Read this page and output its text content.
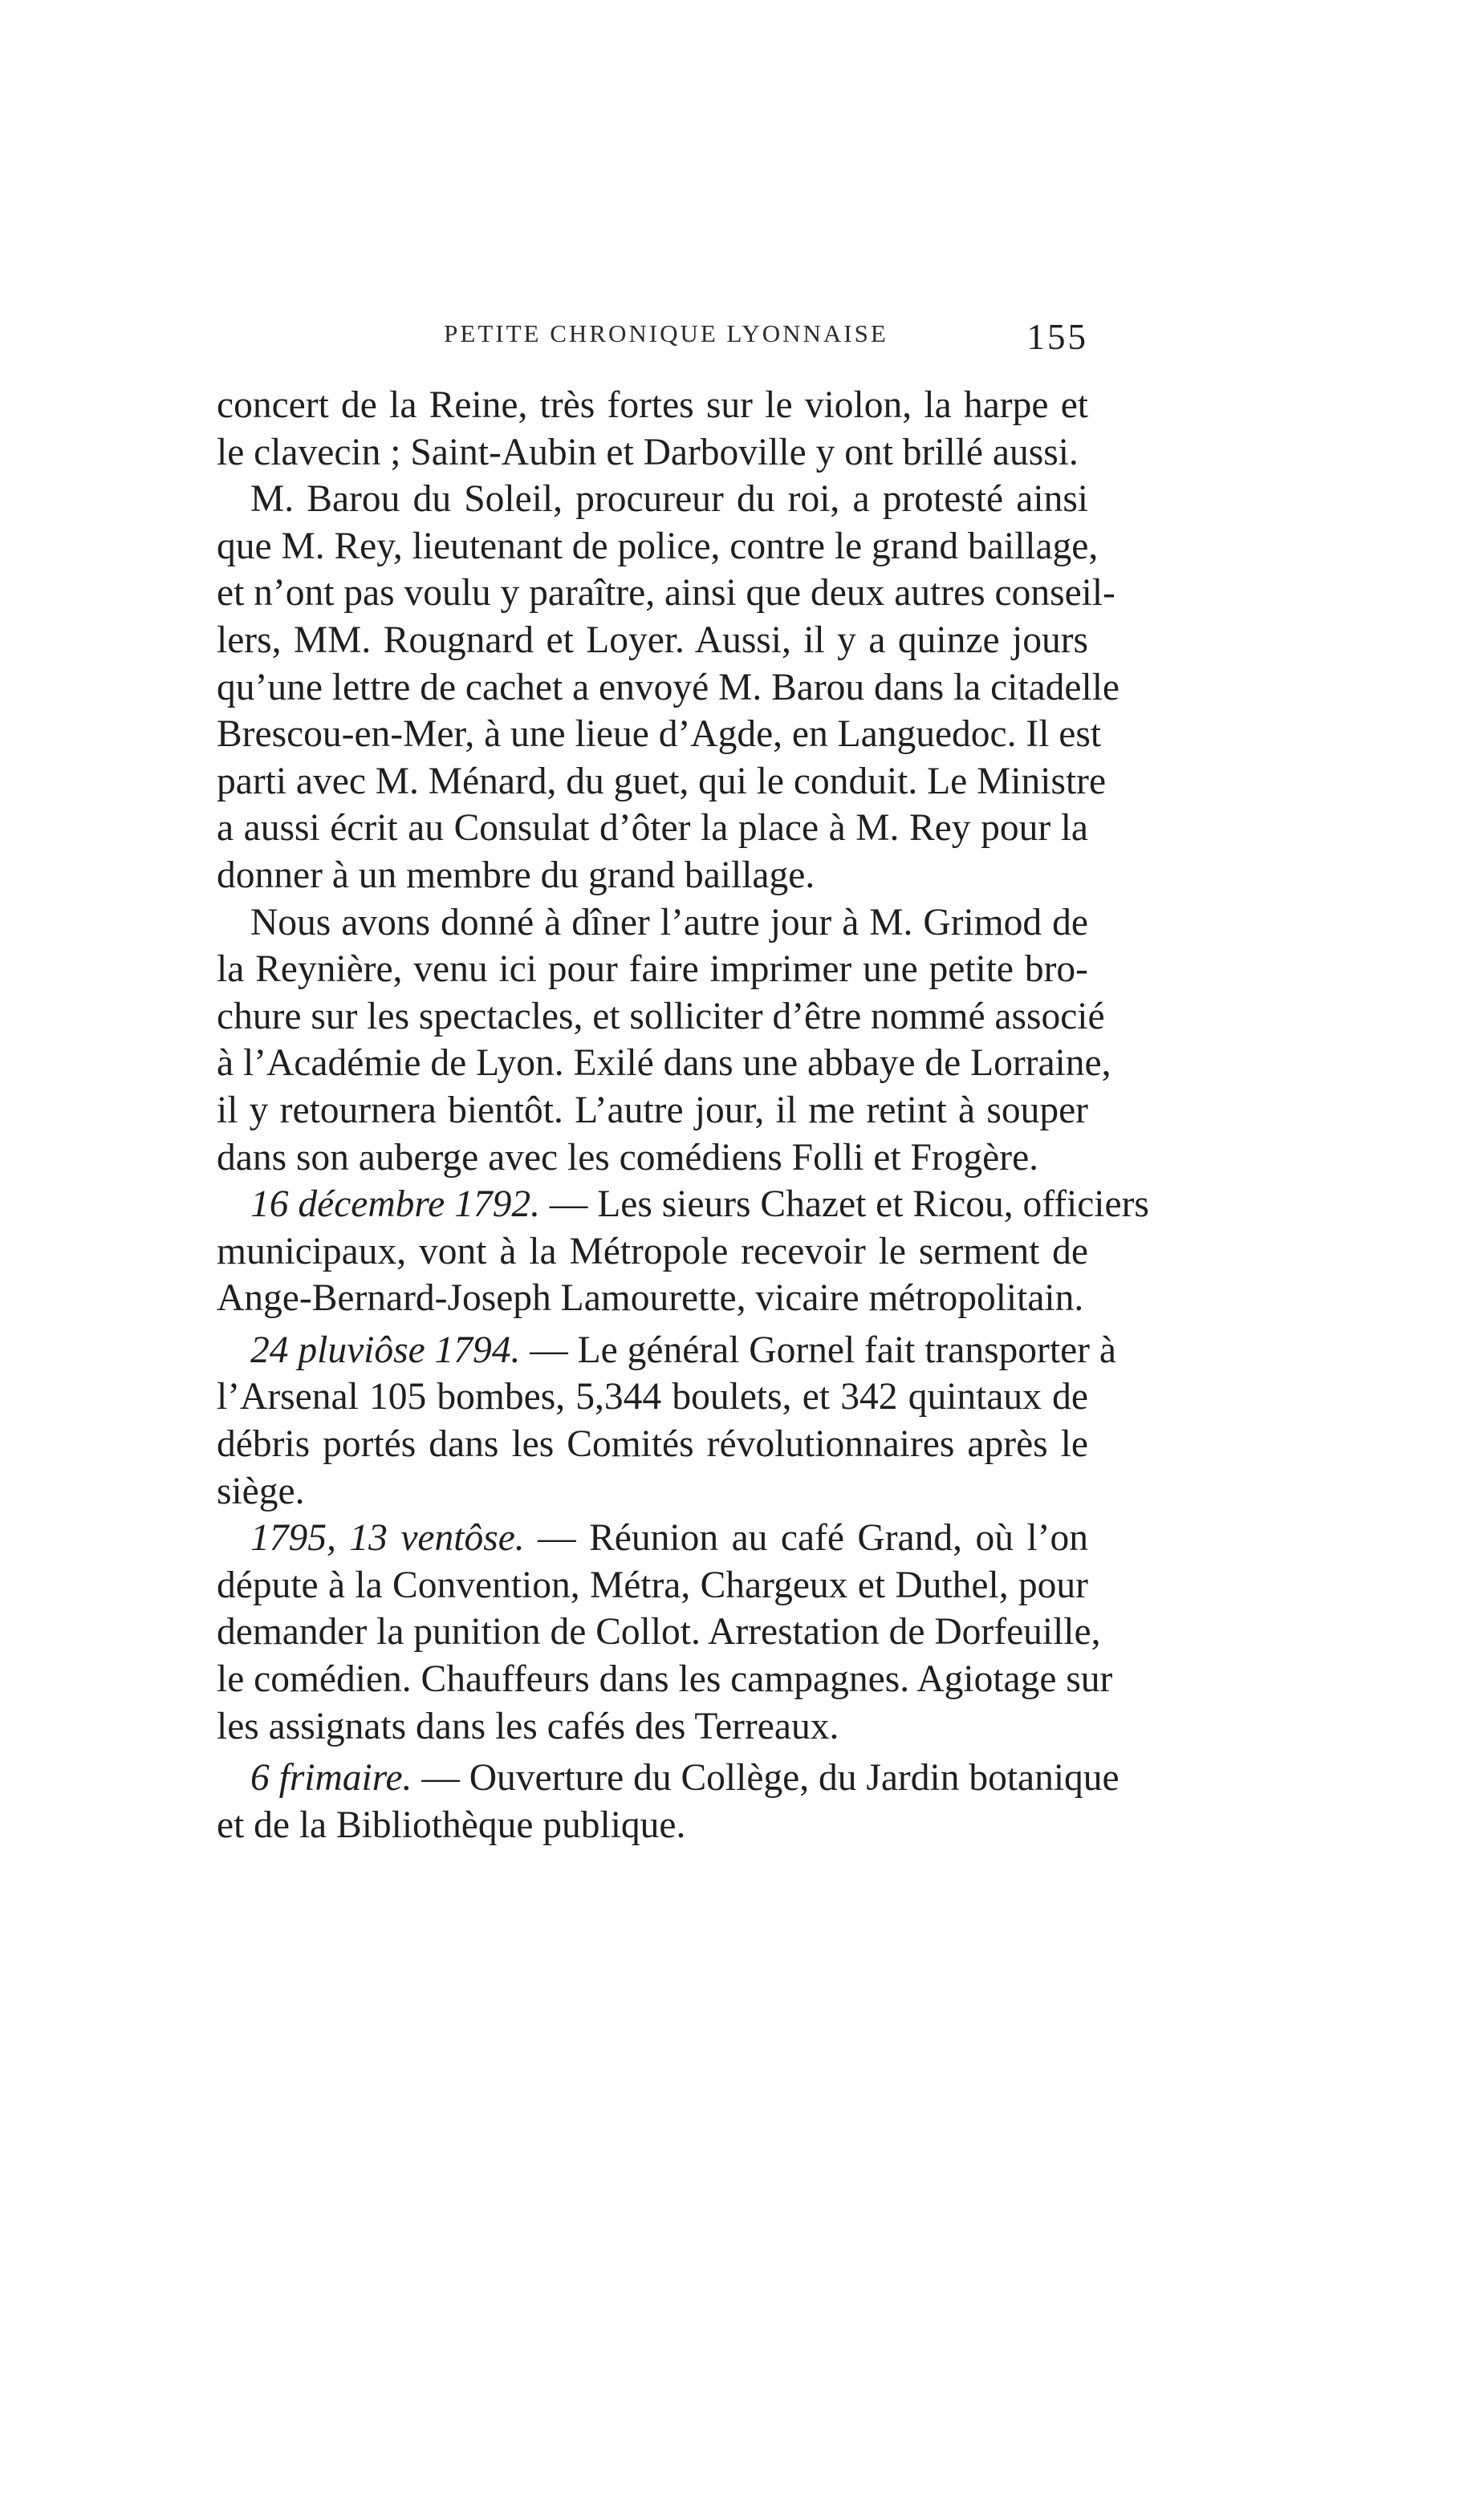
PETITE CHRONIQUE LYONNAISE	155
concert de la Reine, très fortes sur le violon, la harpe et
le clavecin ; Saint-Aubin et Darboville y ont brillé aussi.
M. Barou du Soleil, procureur du roi, a protesté ainsi
que M. Rey, lieutenant de police, contre le grand baillage,
et n’ont pas voulu y paraître, ainsi que deux autres conseil-
lers, MM. Rougnard et Loyer. Aussi, il y a quinze jours
qu’une lettre de cachet a envoyé M. Barou dans la citadelle
Brescou-en-Mer, à une lieue d’Agde, en Languedoc. Il est
parti avec M. Ménard, du guet, qui le conduit. Le Ministre
a aussi écrit au Consulat d’ôter la place à M. Rey pour la
donner à un membre du grand baillage.
Nous avons donné à dîner l’autre jour à M. Grimod de
la Reynière, venu ici pour faire imprimer une petite bro-
chure sur les spectacles, et solliciter d’être nommé associé
à l’Académie de Lyon. Exilé dans une abbaye de Lorraine,
il y retournera bientôt. L’autre jour, il me retint à souper
dans son auberge avec les comédiens Folli et Frogère.
16 décembre 1792. — Les sieurs Chazet et Ricou, officiers
municipaux, vont à la Métropole recevoir le serment de
Ange-Bernard-Joseph Lamourette, vicaire métropolitain.
24 pluviôse 1794. — Le général Gornel fait transporter à
l’Arsenal 105 bombes, 5,344 boulets, et 342 quintaux de
débris portés dans les Comités révolutionnaires après le
siège.
1795, 13 ventôse. — Réunion au café Grand, où l’on
députe à la Convention, Métra, Chargeux et Duthel, pour
demander la punition de Collot. Arrestation de Dorfeuille,
le comédien. Chauffeurs dans les campagnes. Agiotage sur
les assignats dans les cafés des Terreaux.
6 frimaire. — Ouverture du Collège, du Jardin botanique
et de la Bibliothèque publique.
